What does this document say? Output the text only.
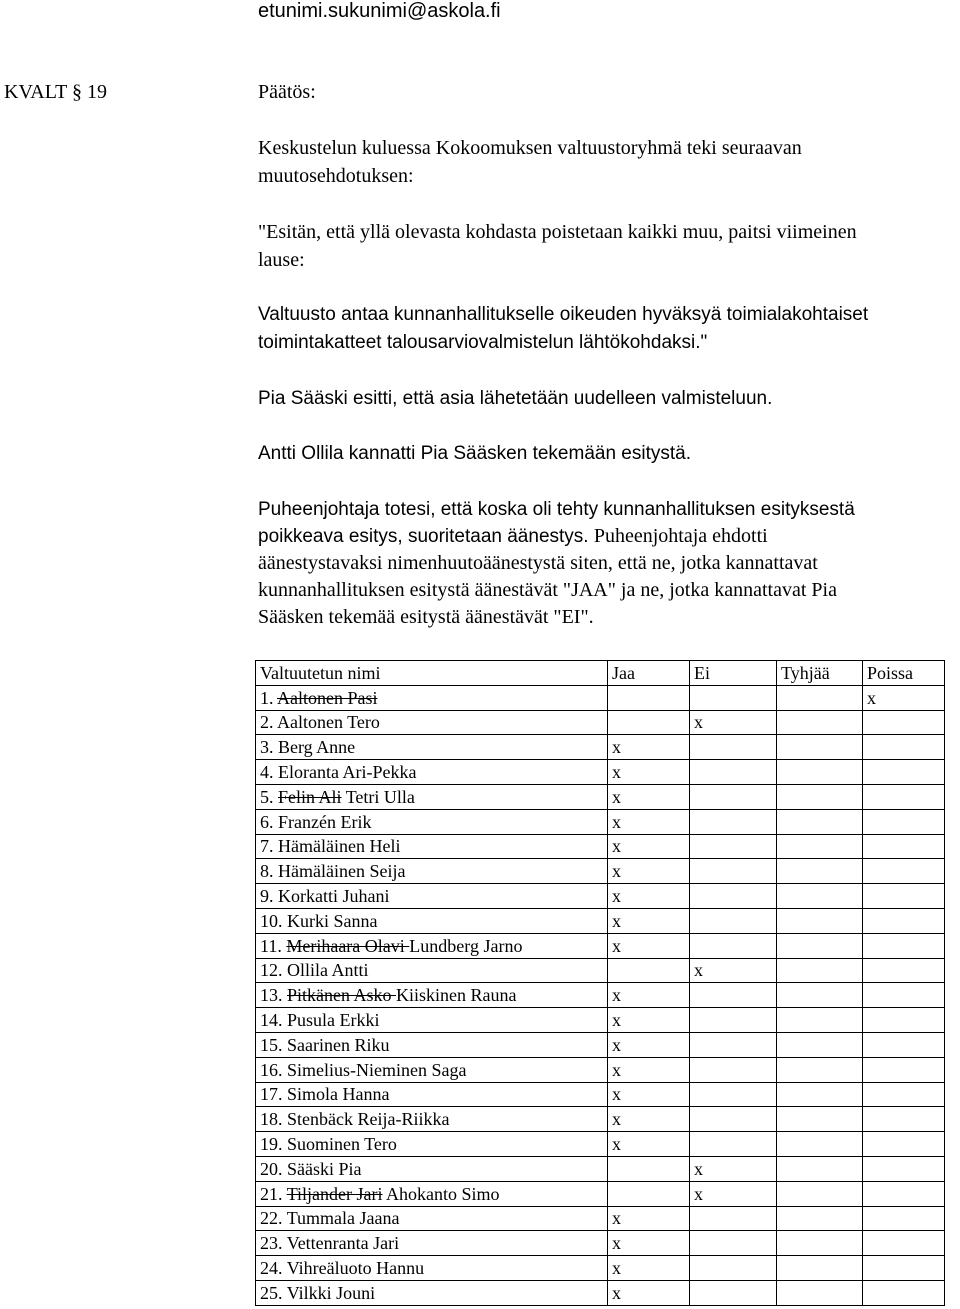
etunimi.sukunimi@askola.fi
KVALT § 19	Päätös:
Keskustelun kuluessa Kokoomuksen valtuustoryhmä teki seuraavan
muutosehdotuksen:
"Esitän, että yllä olevasta kohdasta poistetaan kaikki muu, paitsi viimeinen
lause:
Valtuusto antaa kunnanhallitukselle oikeuden hyväksyä toimialakohtaiset
toimintakatteet talousarviovalmistelun lähtökohdaksi."
Pia Sääski esitti, että asia lähetetään uudelleen valmisteluun.
Antti Ollila kannatti Pia Sääsken tekemään esitystä.
Puheenjohtaja totesi, että koska oli tehty kunnanhallituksen esityksestä
poikkeava esitys, suoritetaan äänestys. Puheenjohtaja ehdotti
äänestystavaksi nimenhuutoäänestystä siten, että ne, jotka kannattavat
kunnanhallituksen esitystä äänestävät "JAA" ja ne, jotka kannattavat Pia
Sääsken tekemää esitystä äänestävät "EI".
Valtuutetun nimi	Jaa	Ei	Tyhjää	Poissa
1. Aaltonen Pasi				x
2. Aaltonen Tero		x		
3. Berg Anne	x			
4. Eloranta Ari-Pekka	x			
5. Felin Ali Tetri Ulla	x			
6. Franzén Erik	x			
7. Hämäläinen Heli	x			
8. Hämäläinen Seija	x			
9. Korkatti Juhani	x			
10. Kurki Sanna	x			
11. Merihaara Olavi Lundberg Jarno	x			
12. Ollila Antti		x		
13. Pitkänen Asko Kiiskinen Rauna	x			
14. Pusula Erkki	x			
15. Saarinen Riku	x			
16. Simelius-Nieminen Saga	x			
17. Simola Hanna	x			
18. Stenbäck Reija-Riikka	x			
19. Suominen Tero	x			
20. Sääski Pia		x		
21. Tiljander Jari Ahokanto Simo		x		
22. Tummala Jaana	x			
23. Vettenranta Jari	x			
24. Vihreäluoto Hannu	x			
25. Vilkki Jouni	x			
